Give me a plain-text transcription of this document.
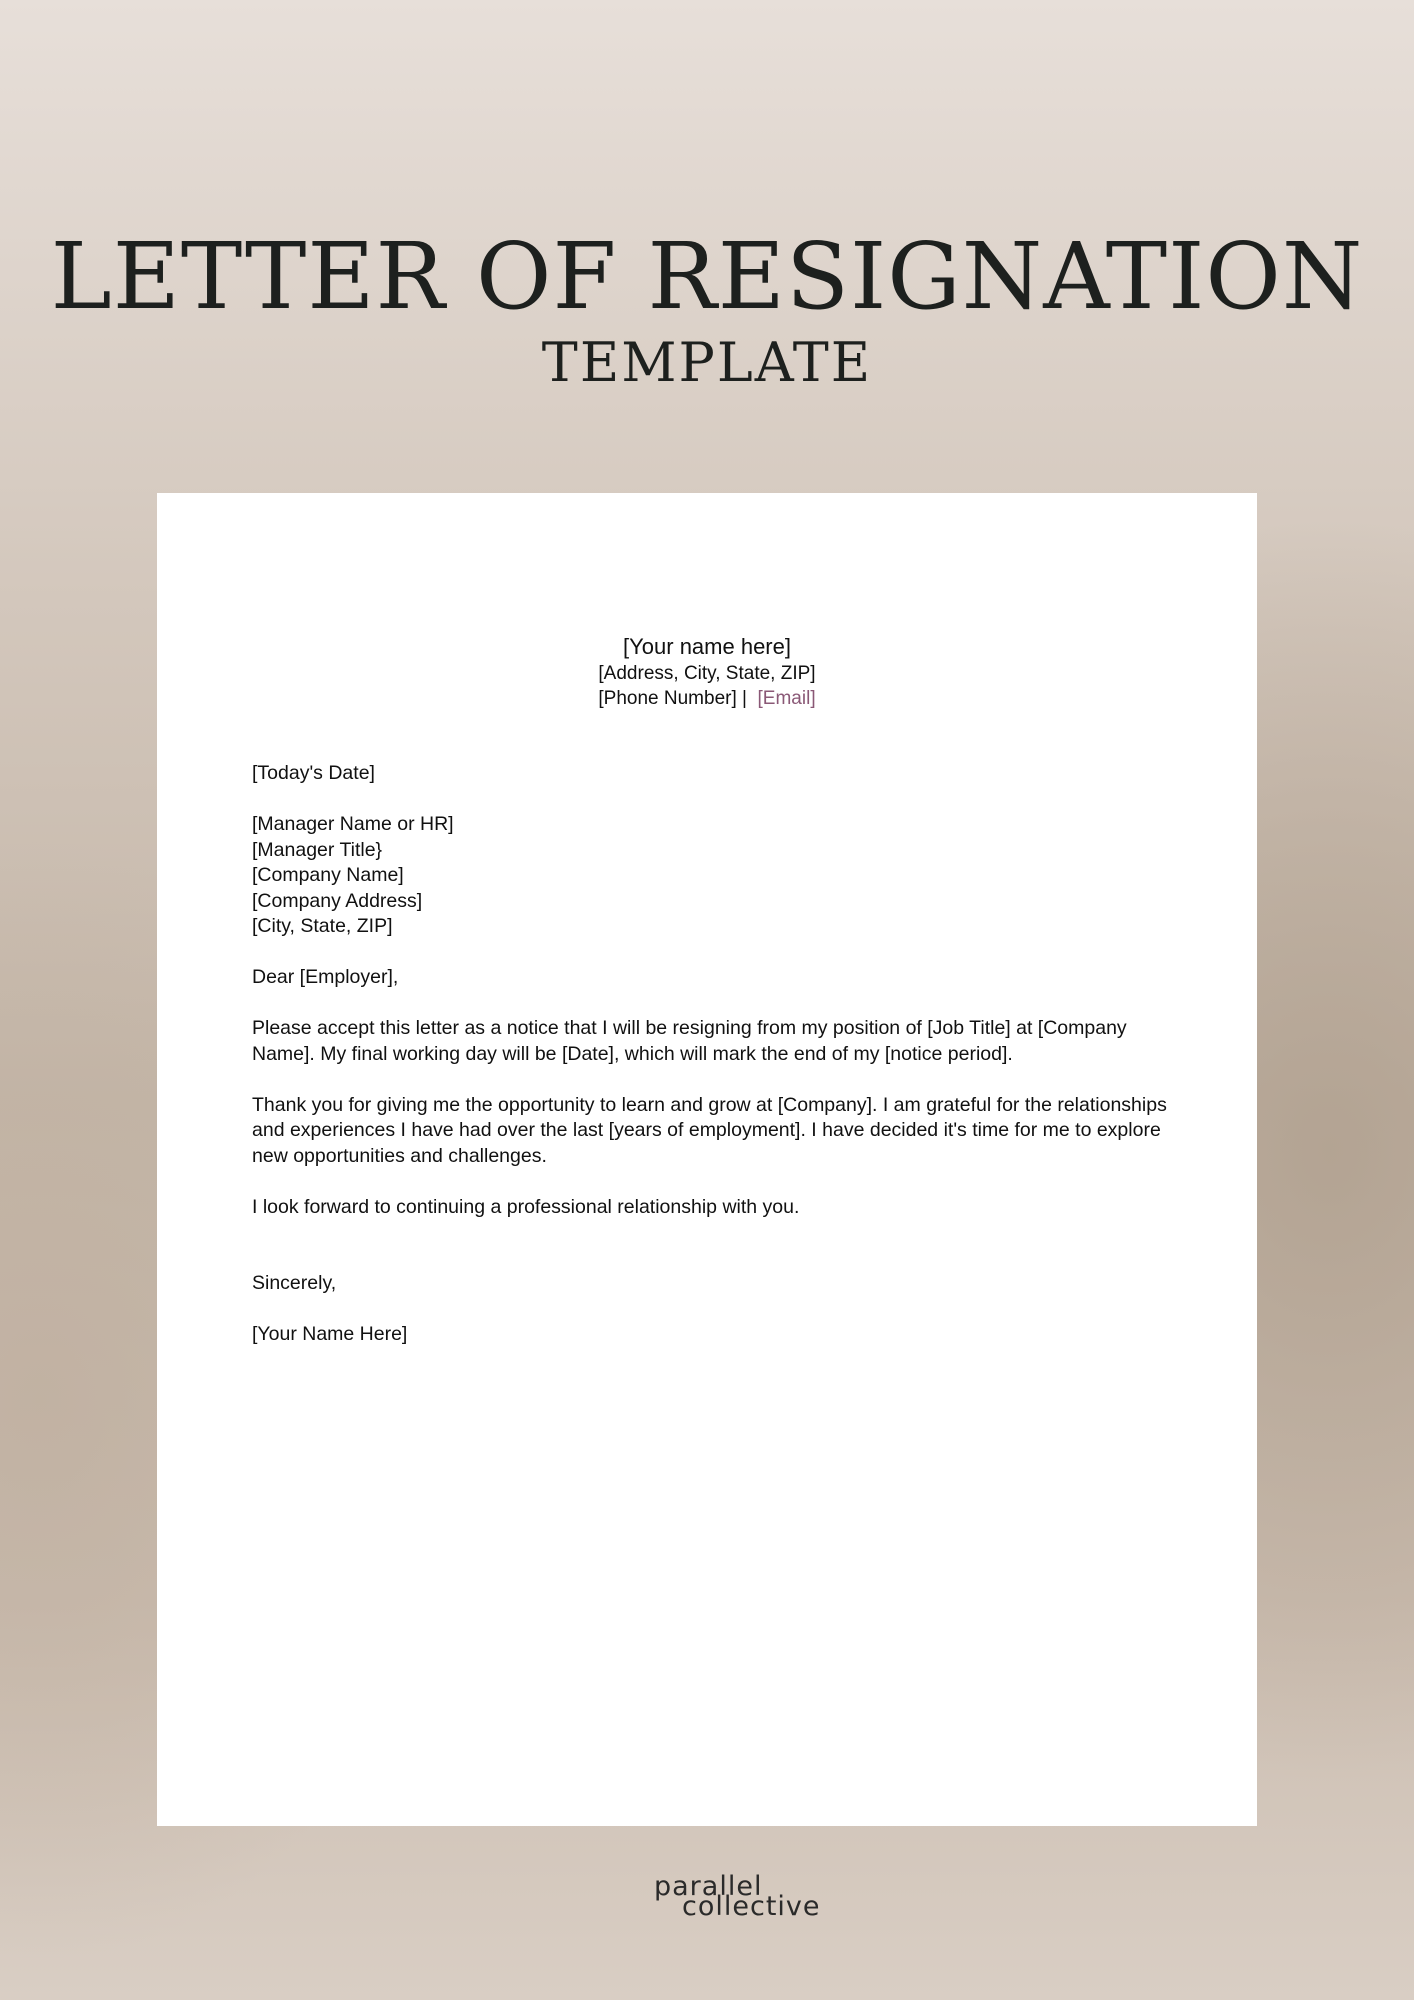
LETTER OF RESIGNATION
TEMPLATE
[Your name here]
[Address, City, State, ZIP]
[Phone Number] |  [Email]

[Today's Date]

[Manager Name or HR]
[Manager Title}
[Company Name]
[Company Address]
[City, State, ZIP]

Dear [Employer],

Please accept this letter as a notice that I will be resigning from my position of [Job Title] at [Company Name]. My final working day will be [Date], which will mark the end of my [notice period].

Thank you for giving me the opportunity to learn and grow at [Company]. I am grateful for the relationships and experiences I have had over the last [years of employment]. I have decided it's time for me to explore new opportunities and challenges.

I look forward to continuing a professional relationship with you.

Sincerely,

[Your Name Here]

parallel
collective
